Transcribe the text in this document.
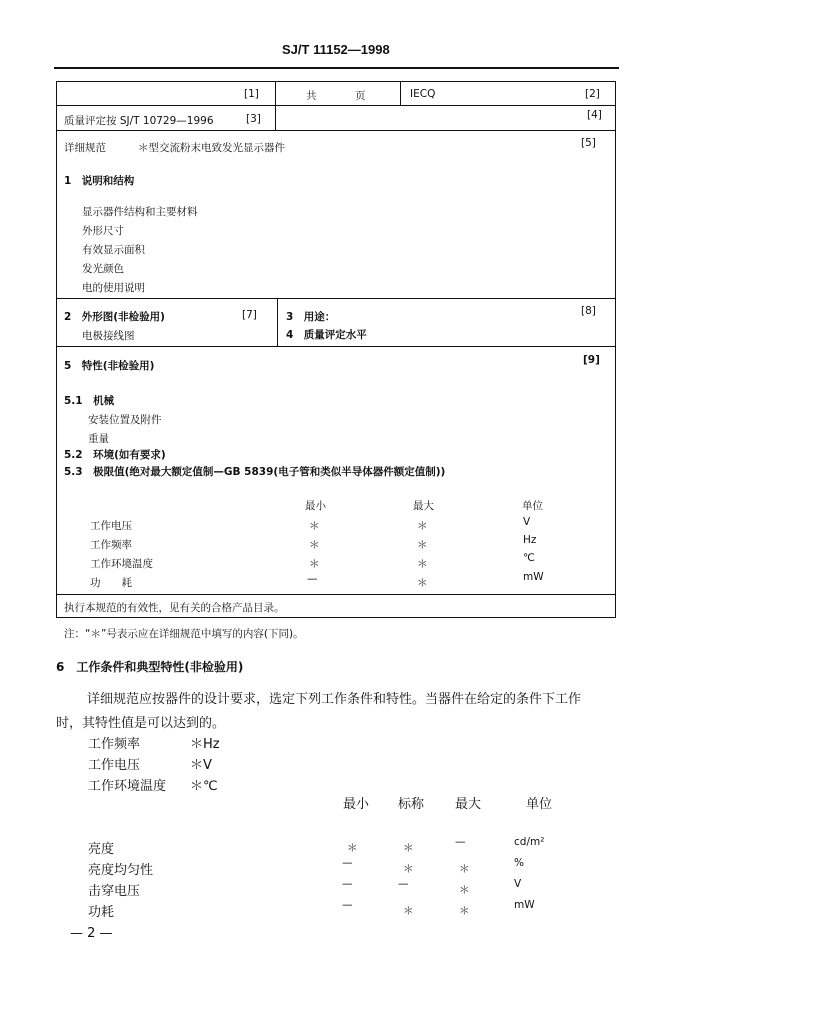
SJ/T 11152—1998
[1]	共	页	IECQ	[2]
质量评定按 SJ/T 10729—1996	[3]	[4]
详细规范	＊型交流粉末电致发光显示器件	[5]
1　说明和结构
显示器件结构和主要材料
外形尺寸
有效显示面积
发光颜色
电的使用说明
2　外形图(非检验用)	[7]
电极接线图
3　用途：
4　质量评定水平
[8]
5　特性(非检验用)	[9]
5.1　机械
安装位置及附件
重量
5.2　环境(如有要求)
5.3　极限值(绝对最大额定值制—GB 5839(电子管和类似半导体器件额定值制))
最小	最大	单位
工作电压	＊	＊	V
工作频率	＊	＊	Hz
工作环境温度	＊	＊	℃
功　　耗	—	＊	mW
执行本规范的有效性，见有关的合格产品目录。
注：“＊”号表示应在详细规范中填写的内容(下同)。
6　工作条件和典型特性(非检验用)
详细规范应按器件的设计要求，选定下列工作条件和特性。当器件在给定的条件下工作
时，其特性值是可以达到的。
工作频率	＊Hz
工作电压	＊V
工作环境温度 ＊℃
最小 标称 最大	单位
亮度	＊	＊	—	cd/m²
亮度均匀性	—	＊	＊	%
击穿电压	—	—	＊	V
功耗	—	＊	＊	mW
— 2 —
